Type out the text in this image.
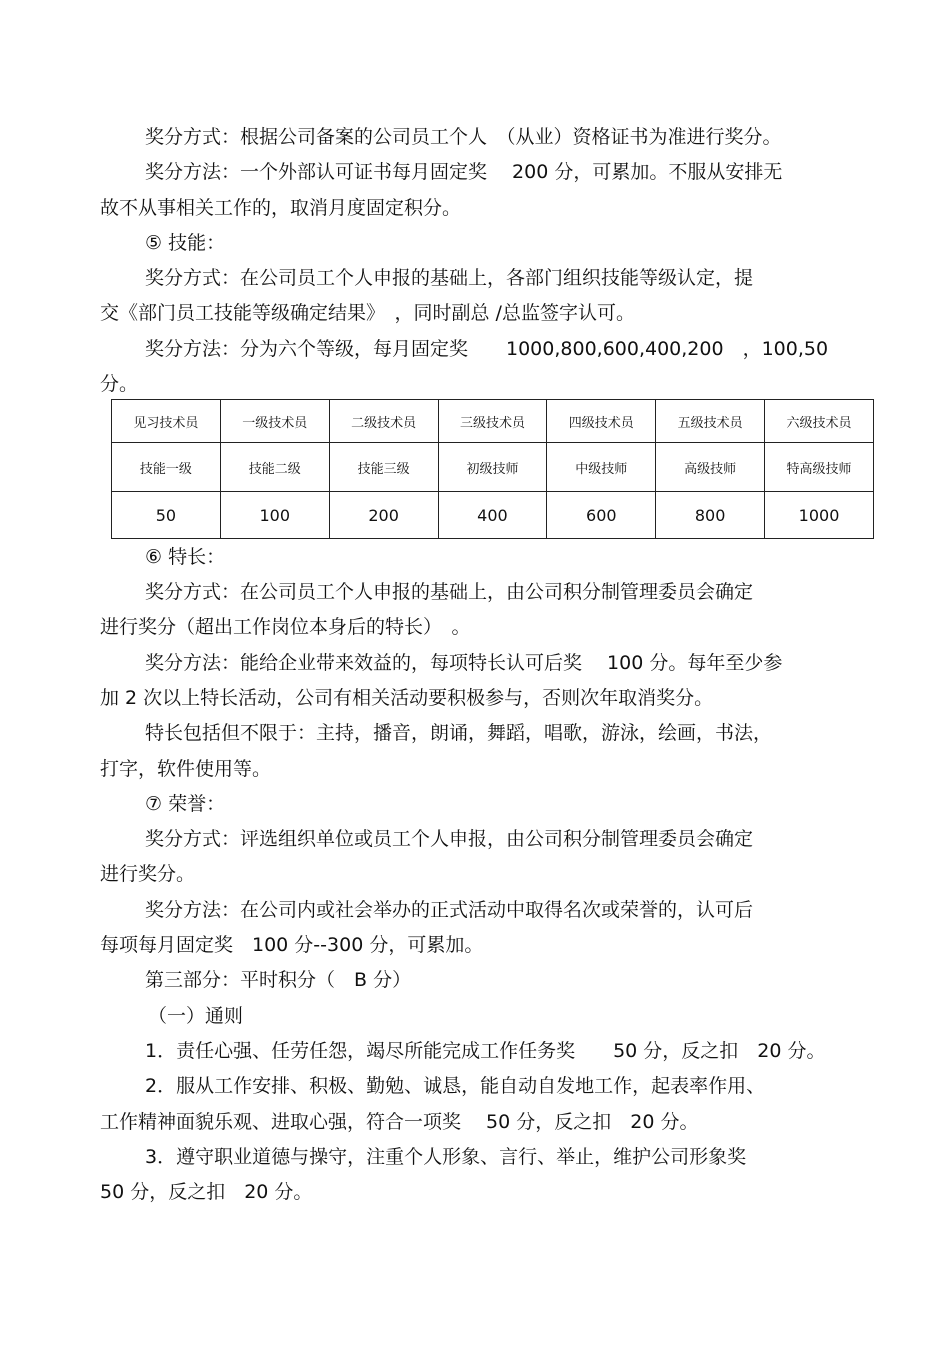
奖分方式：根据公司备案的公司员工个人　（从业）资格证书为准进行奖分。
奖分方法：一个外部认可证书每月固定奖　 200 分，可累加。不服从安排无
故不从事相关工作的，取消月度固定积分。
⑤ 技能：
奖分方式：在公司员工个人申报的基础上，各部门组织技能等级认定，提
交《部门员工技能等级确定结果》　，同时副总 /总监签字认可。
奖分方法：分为六个等级，每月固定奖　　1000,800,600,400,200　，100,50
分。
见习技术员	一级技术员	二级技术员	三级技术员	四级技术员	五级技术员	六级技术员
技能一级	技能二级	技能三级	初级技师	中级技师	高级技师	特高级技师
50	100	200	400	600	800	1000
⑥ 特长：
奖分方式：在公司员工个人申报的基础上，由公司积分制管理委员会确定
进行奖分（超出工作岗位本身后的特长）　。
奖分方法：能给企业带来效益的，每项特长认可后奖　 100 分。每年至少参
加 2 次以上特长活动，公司有相关活动要积极参与，否则次年取消奖分。
特长包括但不限于：主持，播音，朗诵，舞蹈，唱歌，游泳，绘画，书法，
打字，软件使用等。
⑦ 荣誉：
奖分方式：评选组织单位或员工个人申报，由公司积分制管理委员会确定
进行奖分。
奖分方法：在公司内或社会举办的正式活动中取得名次或荣誉的，认可后
每项每月固定奖　100 分--300 分，可累加。
第三部分：平时积分（　B 分）
（一）通则
1．责任心强、任劳任怨，竭尽所能完成工作任务奖　　50 分，反之扣　20 分。
2．服从工作安排、积极、勤勉、诚恳，能自动自发地工作，起表率作用、
工作精神面貌乐观、进取心强，符合一项奖　 50 分，反之扣　20 分。
3．遵守职业道德与操守，注重个人形象、言行、举止，维护公司形象奖
50 分，反之扣　20 分。
